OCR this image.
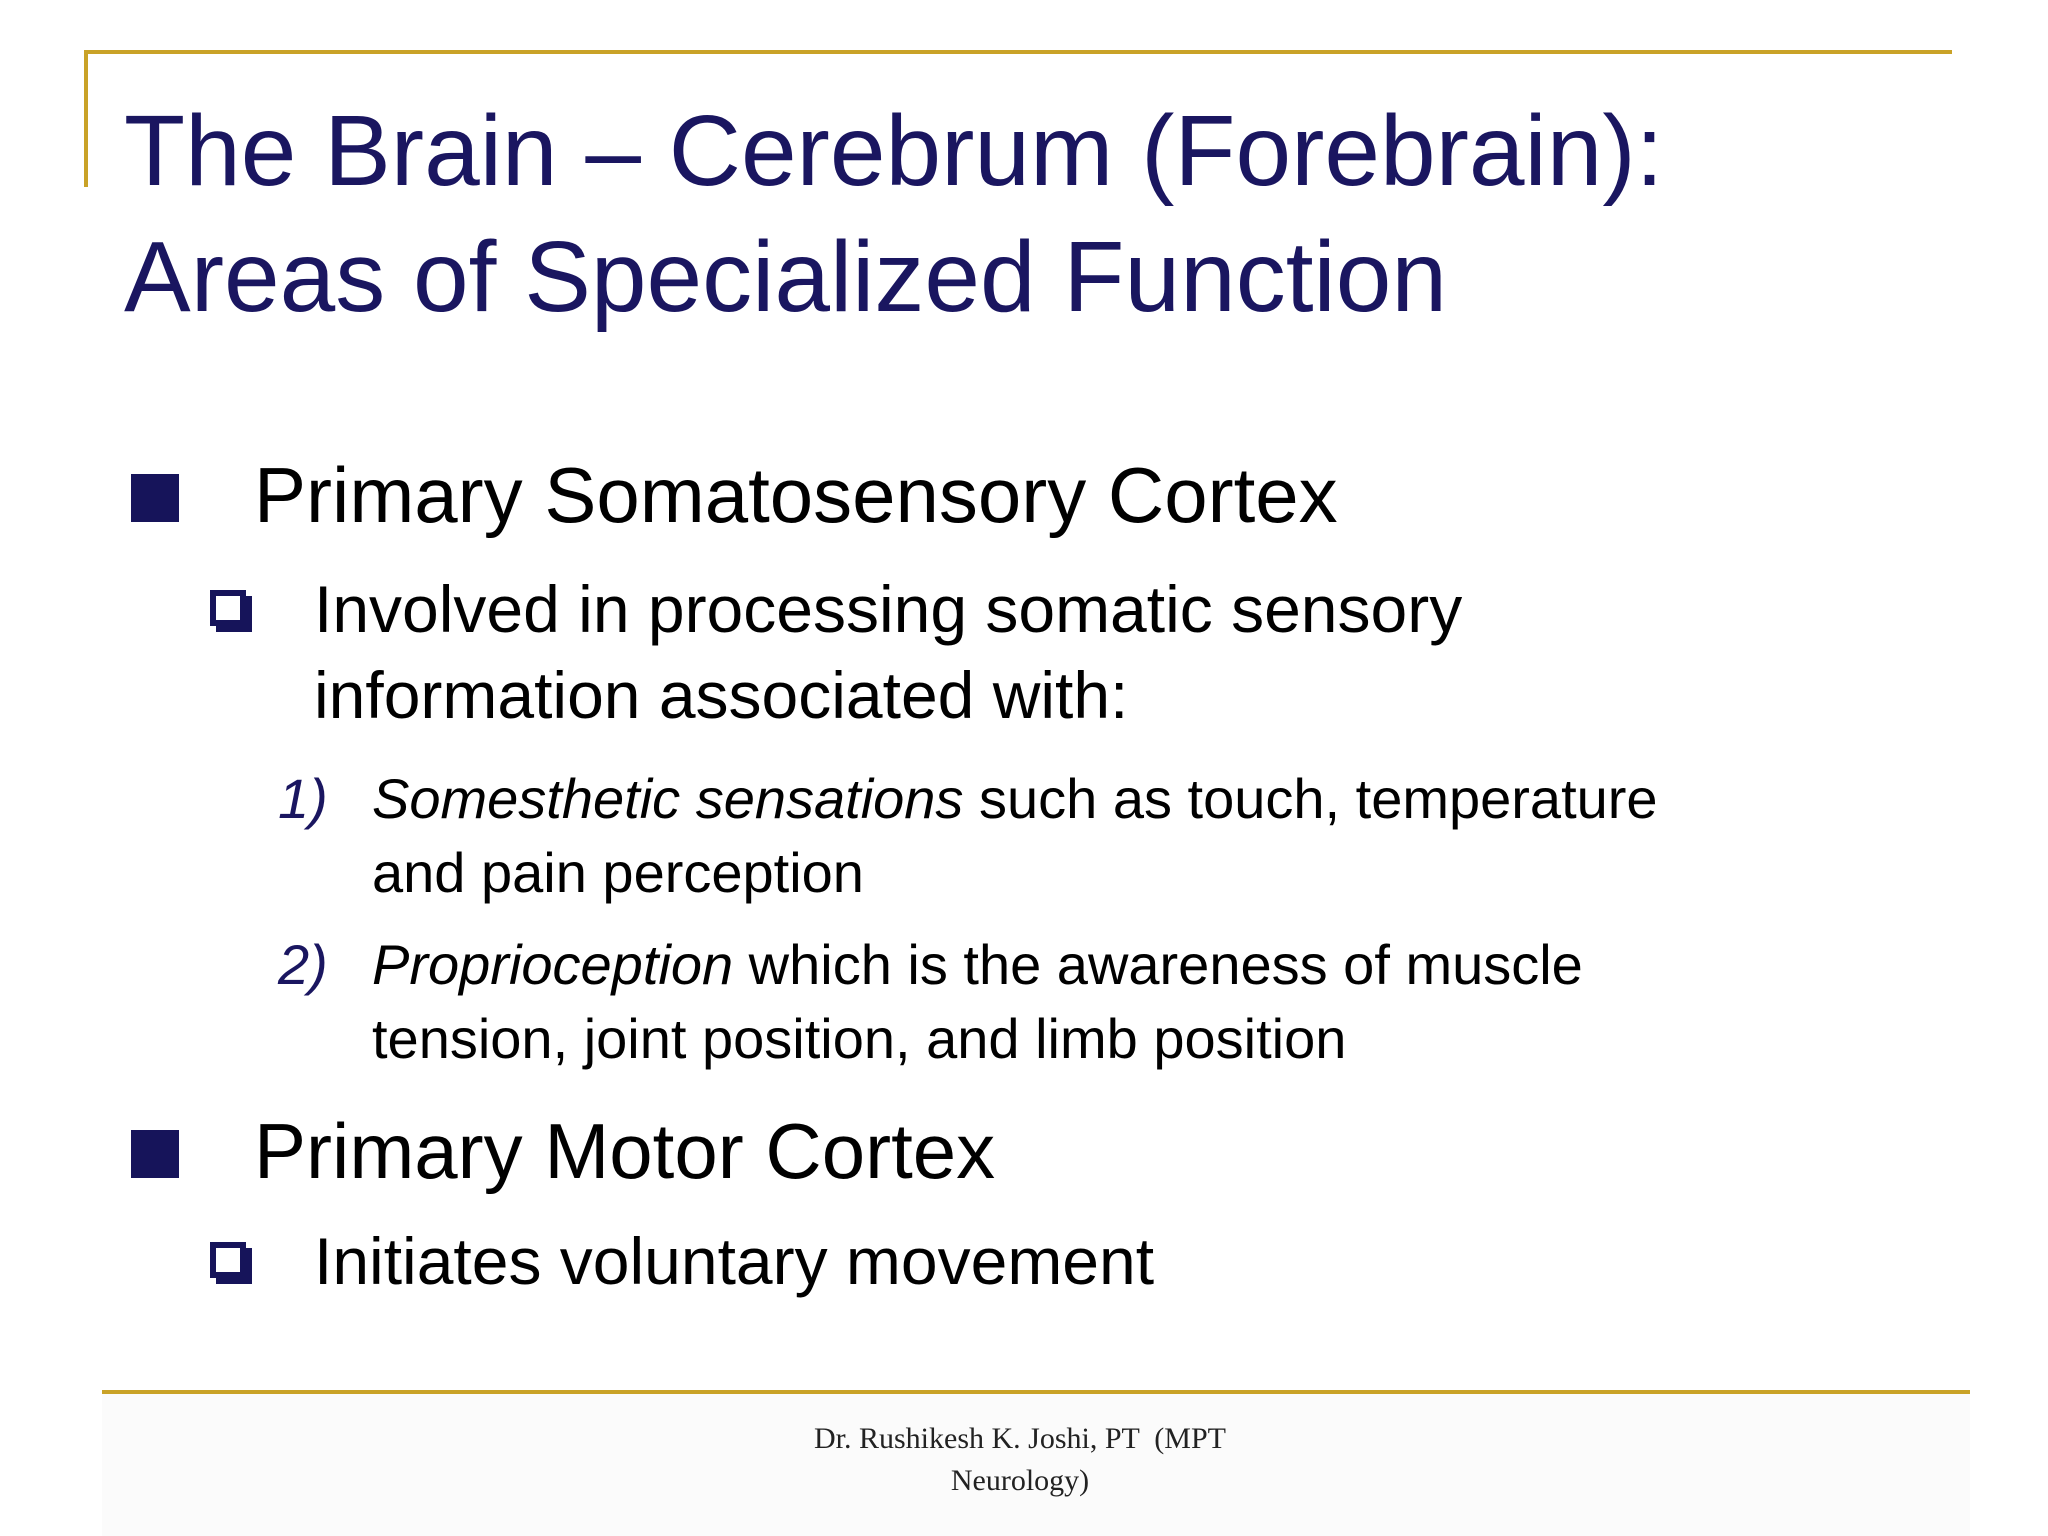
The Brain – Cerebrum (Forebrain):
Areas of Specialized Function
Primary Somatosensory Cortex
Involved in processing somatic sensory
information associated with:
1) Somesthetic sensations such as touch, temperature
and pain perception
2) Proprioception which is the awareness of muscle
tension, joint position, and limb position
Primary Motor Cortex
Initiates voluntary movement
Dr. Rushikesh K. Joshi, PT  (MPT
Neurology)
